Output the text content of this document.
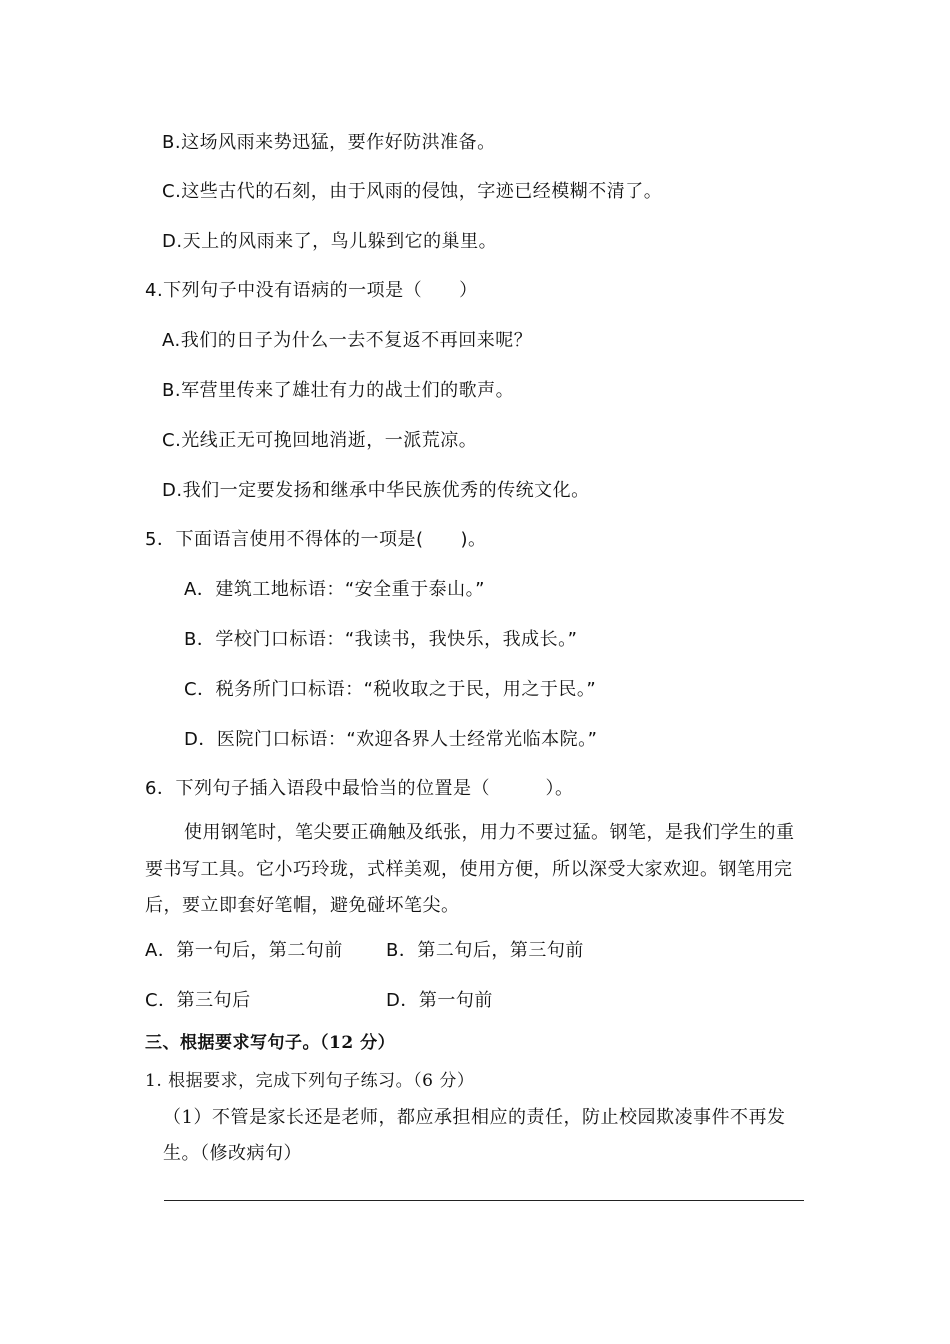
B.这场风雨来势迅猛，要作好防洪准备。
C.这些古代的石刻，由于风雨的侵蚀，字迹已经模糊不清了。
D.天上的风雨来了，鸟儿躲到它的巢里。
4.下列句子中没有语病的一项是（　　）
A.我们的日子为什么一去不复返不再回来呢？
B.军营里传来了雄壮有力的战士们的歌声。
C.光线正无可挽回地消逝，一派荒凉。
D.我们一定要发扬和继承中华民族优秀的传统文化。
5．下面语言使用不得体的一项是(　　)。
A．建筑工地标语：“安全重于泰山。”
B．学校门口标语：“我读书，我快乐，我成长。”
C．税务所门口标语：“税收取之于民，用之于民。”
D．医院门口标语：“欢迎各界人士经常光临本院。”
6．下列句子插入语段中最恰当的位置是（　　　）。
使用钢笔时，笔尖要正确触及纸张，用力不要过猛。钢笔，是我们学生的重
要书写工具。它小巧玲珑，式样美观，使用方便，所以深受大家欢迎。钢笔用完
后，要立即套好笔帽，避免碰坏笔尖。
A．第一句后，第二句前 B．第二句后，第三句前
C．第三句后	D．第一句前
三、根据要求写句子。（12 分）
1. 根据要求，完成下列句子练习。（6 分）
（1）不管是家长还是老师，都应承担相应的责任，防止校园欺凌事件不再发
生。（修改病句）
